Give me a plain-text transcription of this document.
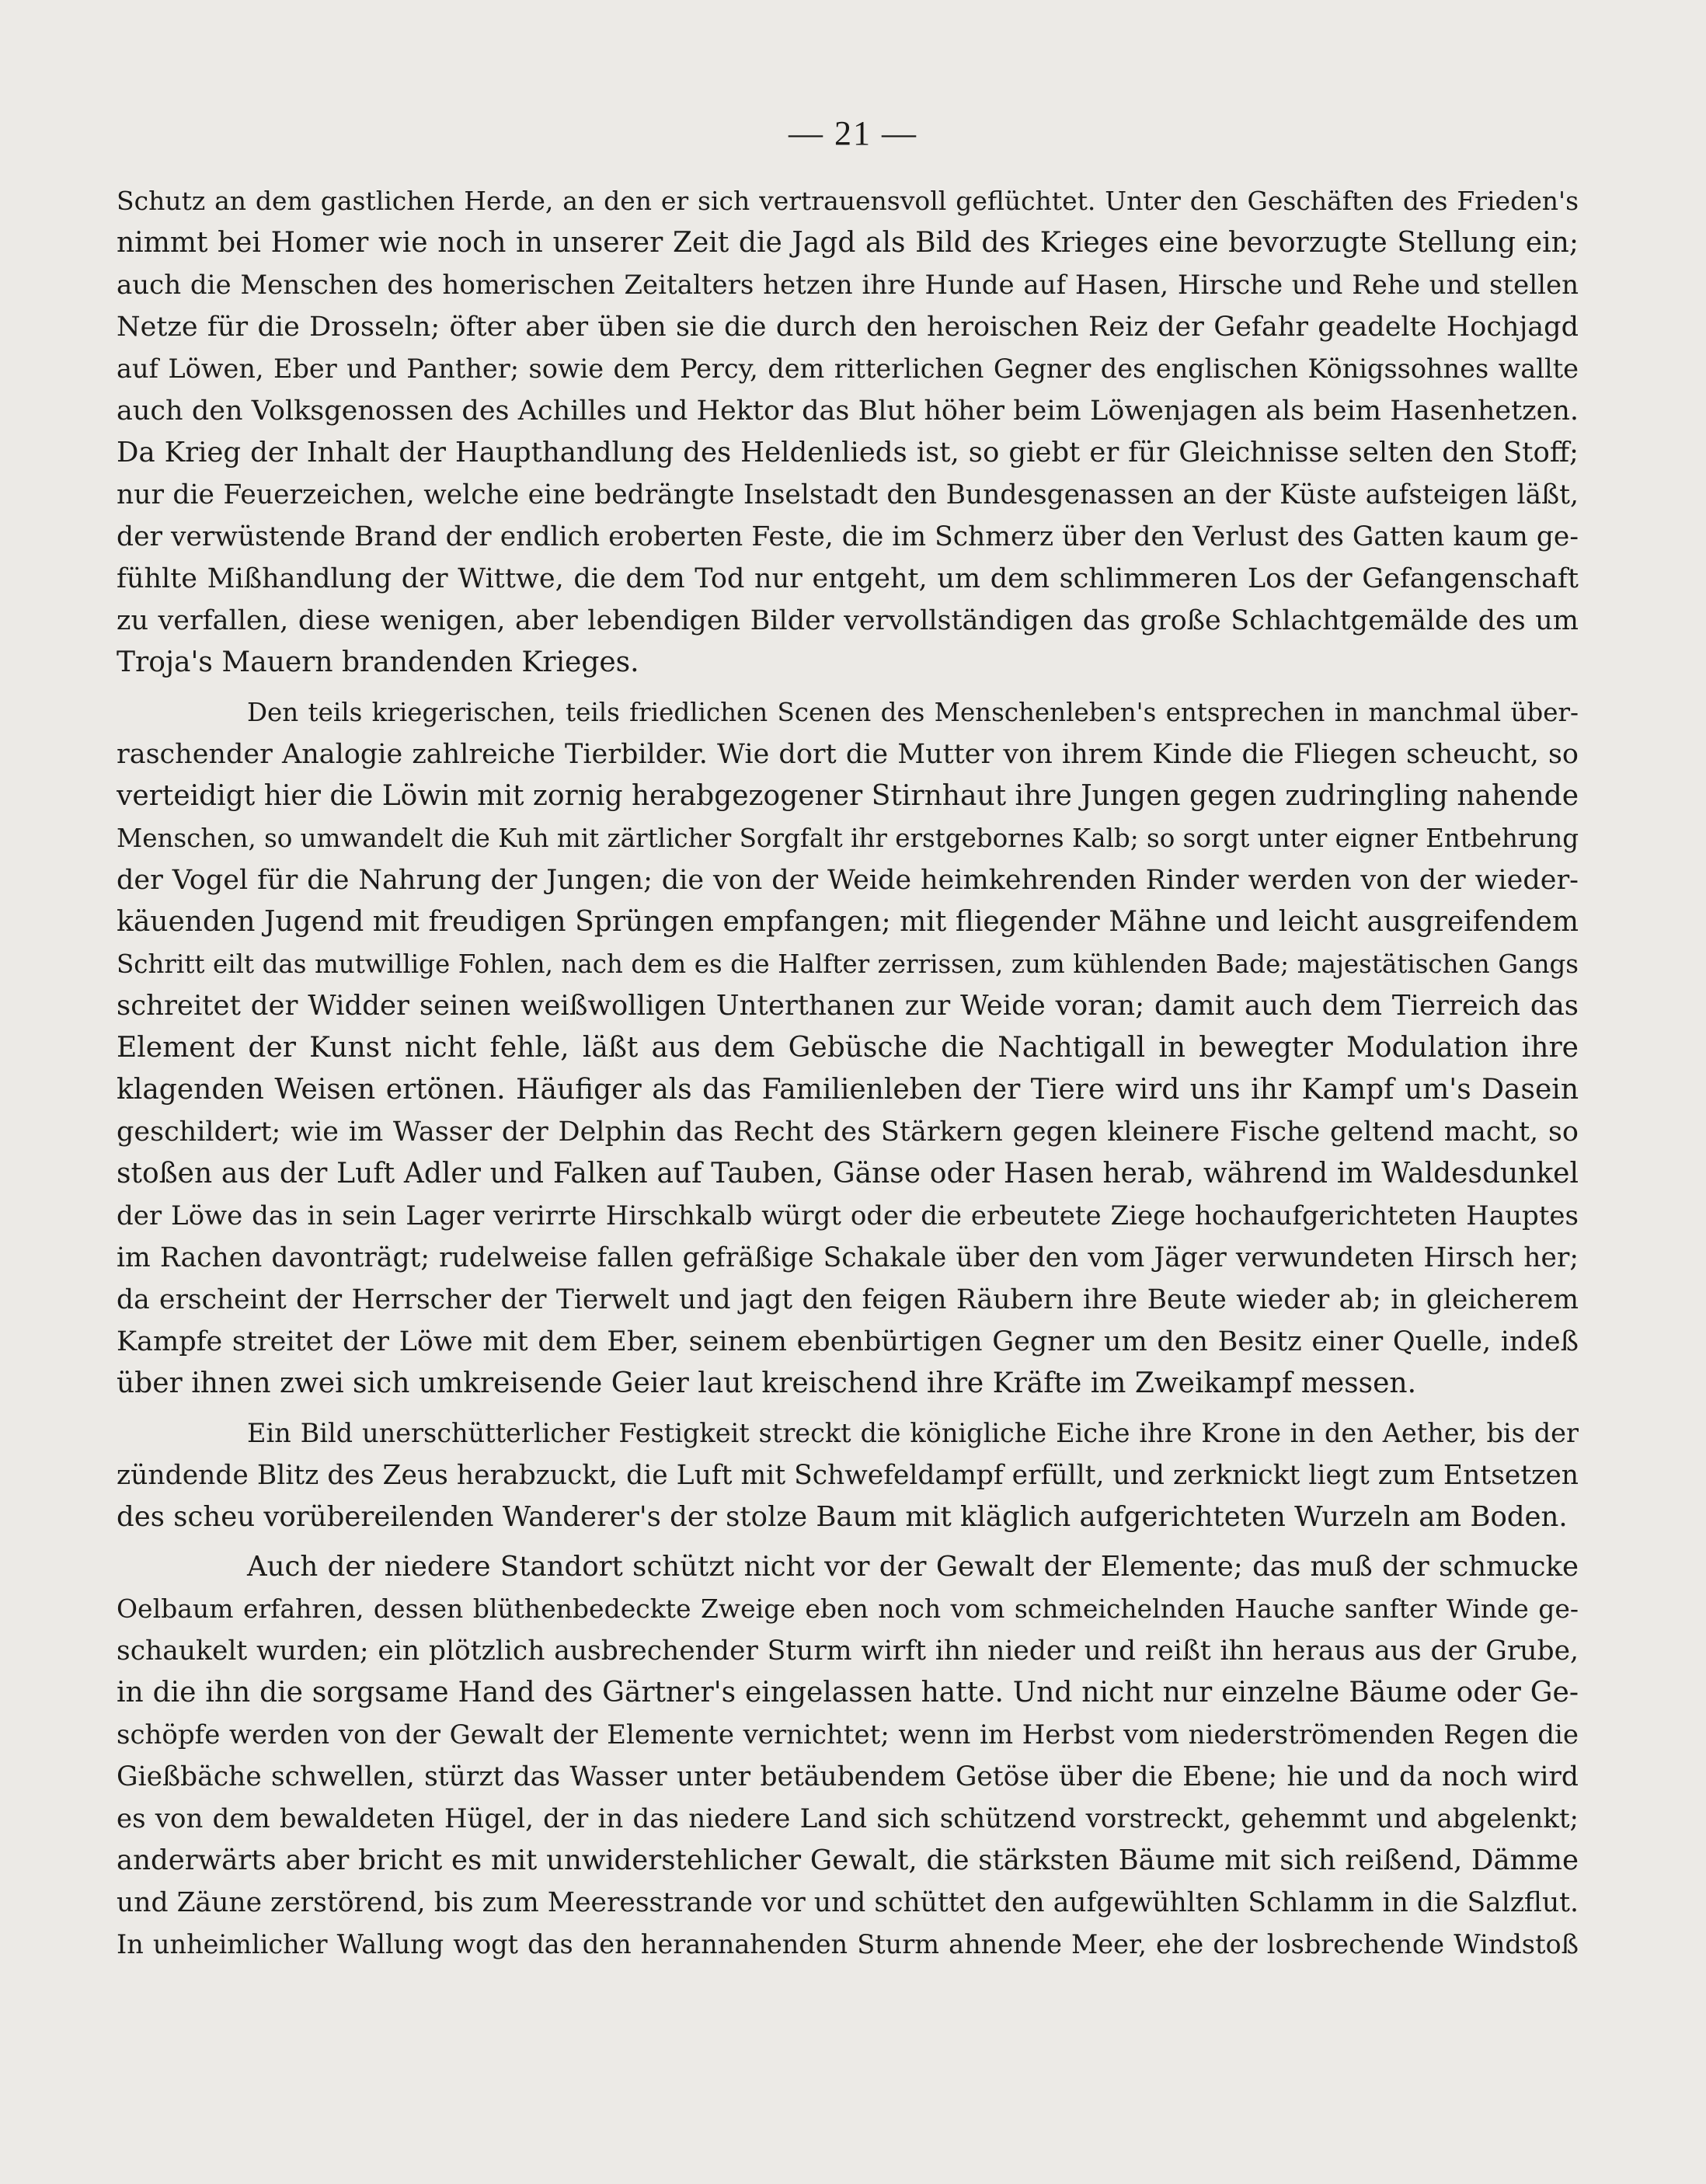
— 21 —
Schutz an dem gastlichen Herde, an den er sich vertrauensvoll geflüchtet. Unter den Geschäften des Frieden's
nimmt bei Homer wie noch in unserer Zeit die Jagd als Bild des Krieges eine bevorzugte Stellung ein;
auch die Menschen des homerischen Zeitalters hetzen ihre Hunde auf Hasen, Hirsche und Rehe und stellen
Netze für die Drosseln; öfter aber üben sie die durch den heroischen Reiz der Gefahr geadelte Hochjagd
auf Löwen, Eber und Panther; sowie dem Percy, dem ritterlichen Gegner des englischen Königssohnes wallte
auch den Volksgenossen des Achilles und Hektor das Blut höher beim Löwenjagen als beim Hasenhetzen.
Da Krieg der Inhalt der Haupthandlung des Heldenlieds ist, so giebt er für Gleichnisse selten den Stoff;
nur die Feuerzeichen, welche eine bedrängte Inselstadt den Bundesgenassen an der Küste aufsteigen läßt,
der verwüstende Brand der endlich eroberten Feste, die im Schmerz über den Verlust des Gatten kaum ge-
fühlte Mißhandlung der Wittwe, die dem Tod nur entgeht, um dem schlimmeren Los der Gefangenschaft
zu verfallen, diese wenigen, aber lebendigen Bilder vervollständigen das große Schlachtgemälde des um
Troja's Mauern brandenden Krieges.
Den teils kriegerischen, teils friedlichen Scenen des Menschenleben's entsprechen in manchmal über-
raschender Analogie zahlreiche Tierbilder. Wie dort die Mutter von ihrem Kinde die Fliegen scheucht, so
verteidigt hier die Löwin mit zornig herabgezogener Stirnhaut ihre Jungen gegen zudringling nahende
Menschen, so umwandelt die Kuh mit zärtlicher Sorgfalt ihr erstgebornes Kalb; so sorgt unter eigner Entbehrung
der Vogel für die Nahrung der Jungen; die von der Weide heimkehrenden Rinder werden von der wieder-
käuenden Jugend mit freudigen Sprüngen empfangen; mit fliegender Mähne und leicht ausgreifendem
Schritt eilt das mutwillige Fohlen, nach dem es die Halfter zerrissen, zum kühlenden Bade; majestätischen Gangs
schreitet der Widder seinen weißwolligen Unterthanen zur Weide voran; damit auch dem Tierreich das
Element der Kunst nicht fehle, läßt aus dem Gebüsche die Nachtigall in bewegter Modulation ihre
klagenden Weisen ertönen. Häufiger als das Familienleben der Tiere wird uns ihr Kampf um's Dasein
geschildert; wie im Wasser der Delphin das Recht des Stärkern gegen kleinere Fische geltend macht, so
stoßen aus der Luft Adler und Falken auf Tauben, Gänse oder Hasen herab, während im Waldesdunkel
der Löwe das in sein Lager verirrte Hirschkalb würgt oder die erbeutete Ziege hochaufgerichteten Hauptes
im Rachen davonträgt; rudelweise fallen gefräßige Schakale über den vom Jäger verwundeten Hirsch her;
da erscheint der Herrscher der Tierwelt und jagt den feigen Räubern ihre Beute wieder ab; in gleicherem
Kampfe streitet der Löwe mit dem Eber, seinem ebenbürtigen Gegner um den Besitz einer Quelle, indeß
über ihnen zwei sich umkreisende Geier laut kreischend ihre Kräfte im Zweikampf messen.
Ein Bild unerschütterlicher Festigkeit streckt die königliche Eiche ihre Krone in den Aether, bis der
zündende Blitz des Zeus herabzuckt, die Luft mit Schwefeldampf erfüllt, und zerknickt liegt zum Entsetzen
des scheu vorübereilenden Wanderer's der stolze Baum mit kläglich aufgerichteten Wurzeln am Boden.
Auch der niedere Standort schützt nicht vor der Gewalt der Elemente; das muß der schmucke
Oelbaum erfahren, dessen blüthenbedeckte Zweige eben noch vom schmeichelnden Hauche sanfter Winde ge-
schaukelt wurden; ein plötzlich ausbrechender Sturm wirft ihn nieder und reißt ihn heraus aus der Grube,
in die ihn die sorgsame Hand des Gärtner's eingelassen hatte. Und nicht nur einzelne Bäume oder Ge-
schöpfe werden von der Gewalt der Elemente vernichtet; wenn im Herbst vom niederströmenden Regen die
Gießbäche schwellen, stürzt das Wasser unter betäubendem Getöse über die Ebene; hie und da noch wird
es von dem bewaldeten Hügel, der in das niedere Land sich schützend vorstreckt, gehemmt und abgelenkt;
anderwärts aber bricht es mit unwiderstehlicher Gewalt, die stärksten Bäume mit sich reißend, Dämme
und Zäune zerstörend, bis zum Meeresstrande vor und schüttet den aufgewühlten Schlamm in die Salzflut.
In unheimlicher Wallung wogt das den herannahenden Sturm ahnende Meer, ehe der losbrechende Windstoß
